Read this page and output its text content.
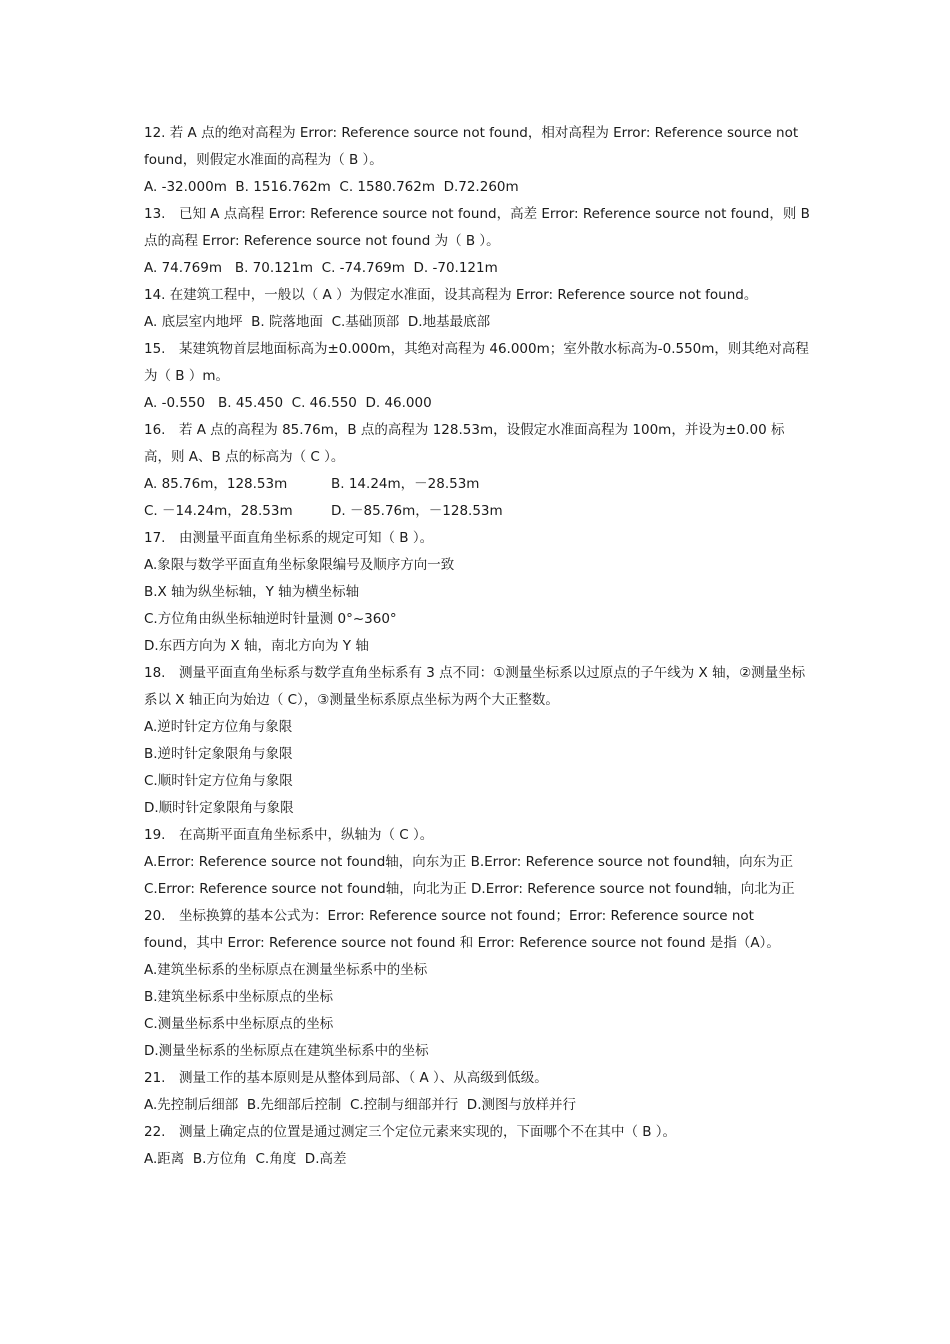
12. 若 A 点的绝对高程为 Error: Reference source not found，相对高程为 Error: Reference source not found，则假定水准面的高程为（ B ）。

A. -32.000m  B. 1516.762m  C. 1580.762m  D.72.260m

13.　已知 A 点高程 Error: Reference source not found，高差 Error: Reference source not found，则 B 点的高程 Error: Reference source not found 为（ B ）。

A. 74.769m   B. 70.121m  C. -74.769m  D. -70.121m

14. 在建筑工程中，一般以（ A ）为假定水准面，设其高程为 Error: Reference source not found。

A. 底层室内地坪  B. 院落地面  C.基础顶部  D.地基最底部

15.　某建筑物首层地面标高为±0.000m，其绝对高程为 46.000m；室外散水标高为-0.550m，则其绝对高程为（ B ）m。

A. -0.550   B. 45.450  C. 46.550  D. 46.000

16.　若 A 点的高程为 85.76m，B 点的高程为 128.53m，设假定水准面高程为 100m，并设为±0.00 标高，则 A、B 点的标高为（ C ）。

A. 85.76m，128.53m	B. 14.24m，－28.53m
C. －14.24m，28.53m	D. －85.76m，－128.53m

17.　由测量平面直角坐标系的规定可知（ B ）。

A.象限与数学平面直角坐标象限编号及顺序方向一致

B.X 轴为纵坐标轴，Y 轴为横坐标轴

C.方位角由纵坐标轴逆时针量测 0°~360°

D.东西方向为 X 轴，南北方向为 Y 轴

18.　测量平面直角坐标系与数学直角坐标系有 3 点不同：①测量坐标系以过原点的子午线为 X 轴，②测量坐标系以 X 轴正向为始边（ C），③测量坐标系原点坐标为两个大正整数。

A.逆时针定方位角与象限

B.逆时针定象限角与象限

C.顺时针定方位角与象限

D.顺时针定象限角与象限

19.　在高斯平面直角坐标系中，纵轴为（ C ）。

A.Error: Reference source not found轴，向东为正 B.Error: Reference source not found轴，向东为正 C.Error: Reference source not found轴，向北为正 D.Error: Reference source not found轴，向北为正

20.　坐标换算的基本公式为：Error: Reference source not found；Error: Reference source not found，其中 Error: Reference source not found 和 Error: Reference source not found 是指（A）。

A.建筑坐标系的坐标原点在测量坐标系中的坐标

B.建筑坐标系中坐标原点的坐标

C.测量坐标系中坐标原点的坐标

D.测量坐标系的坐标原点在建筑坐标系中的坐标

21.　测量工作的基本原则是从整体到局部、（ A ）、从高级到低级。

A.先控制后细部  B.先细部后控制  C.控制与细部并行  D.测图与放样并行

22.　测量上确定点的位置是通过测定三个定位元素来实现的，下面哪个不在其中（ B ）。

A.距离  B.方位角  C.角度  D.高差
